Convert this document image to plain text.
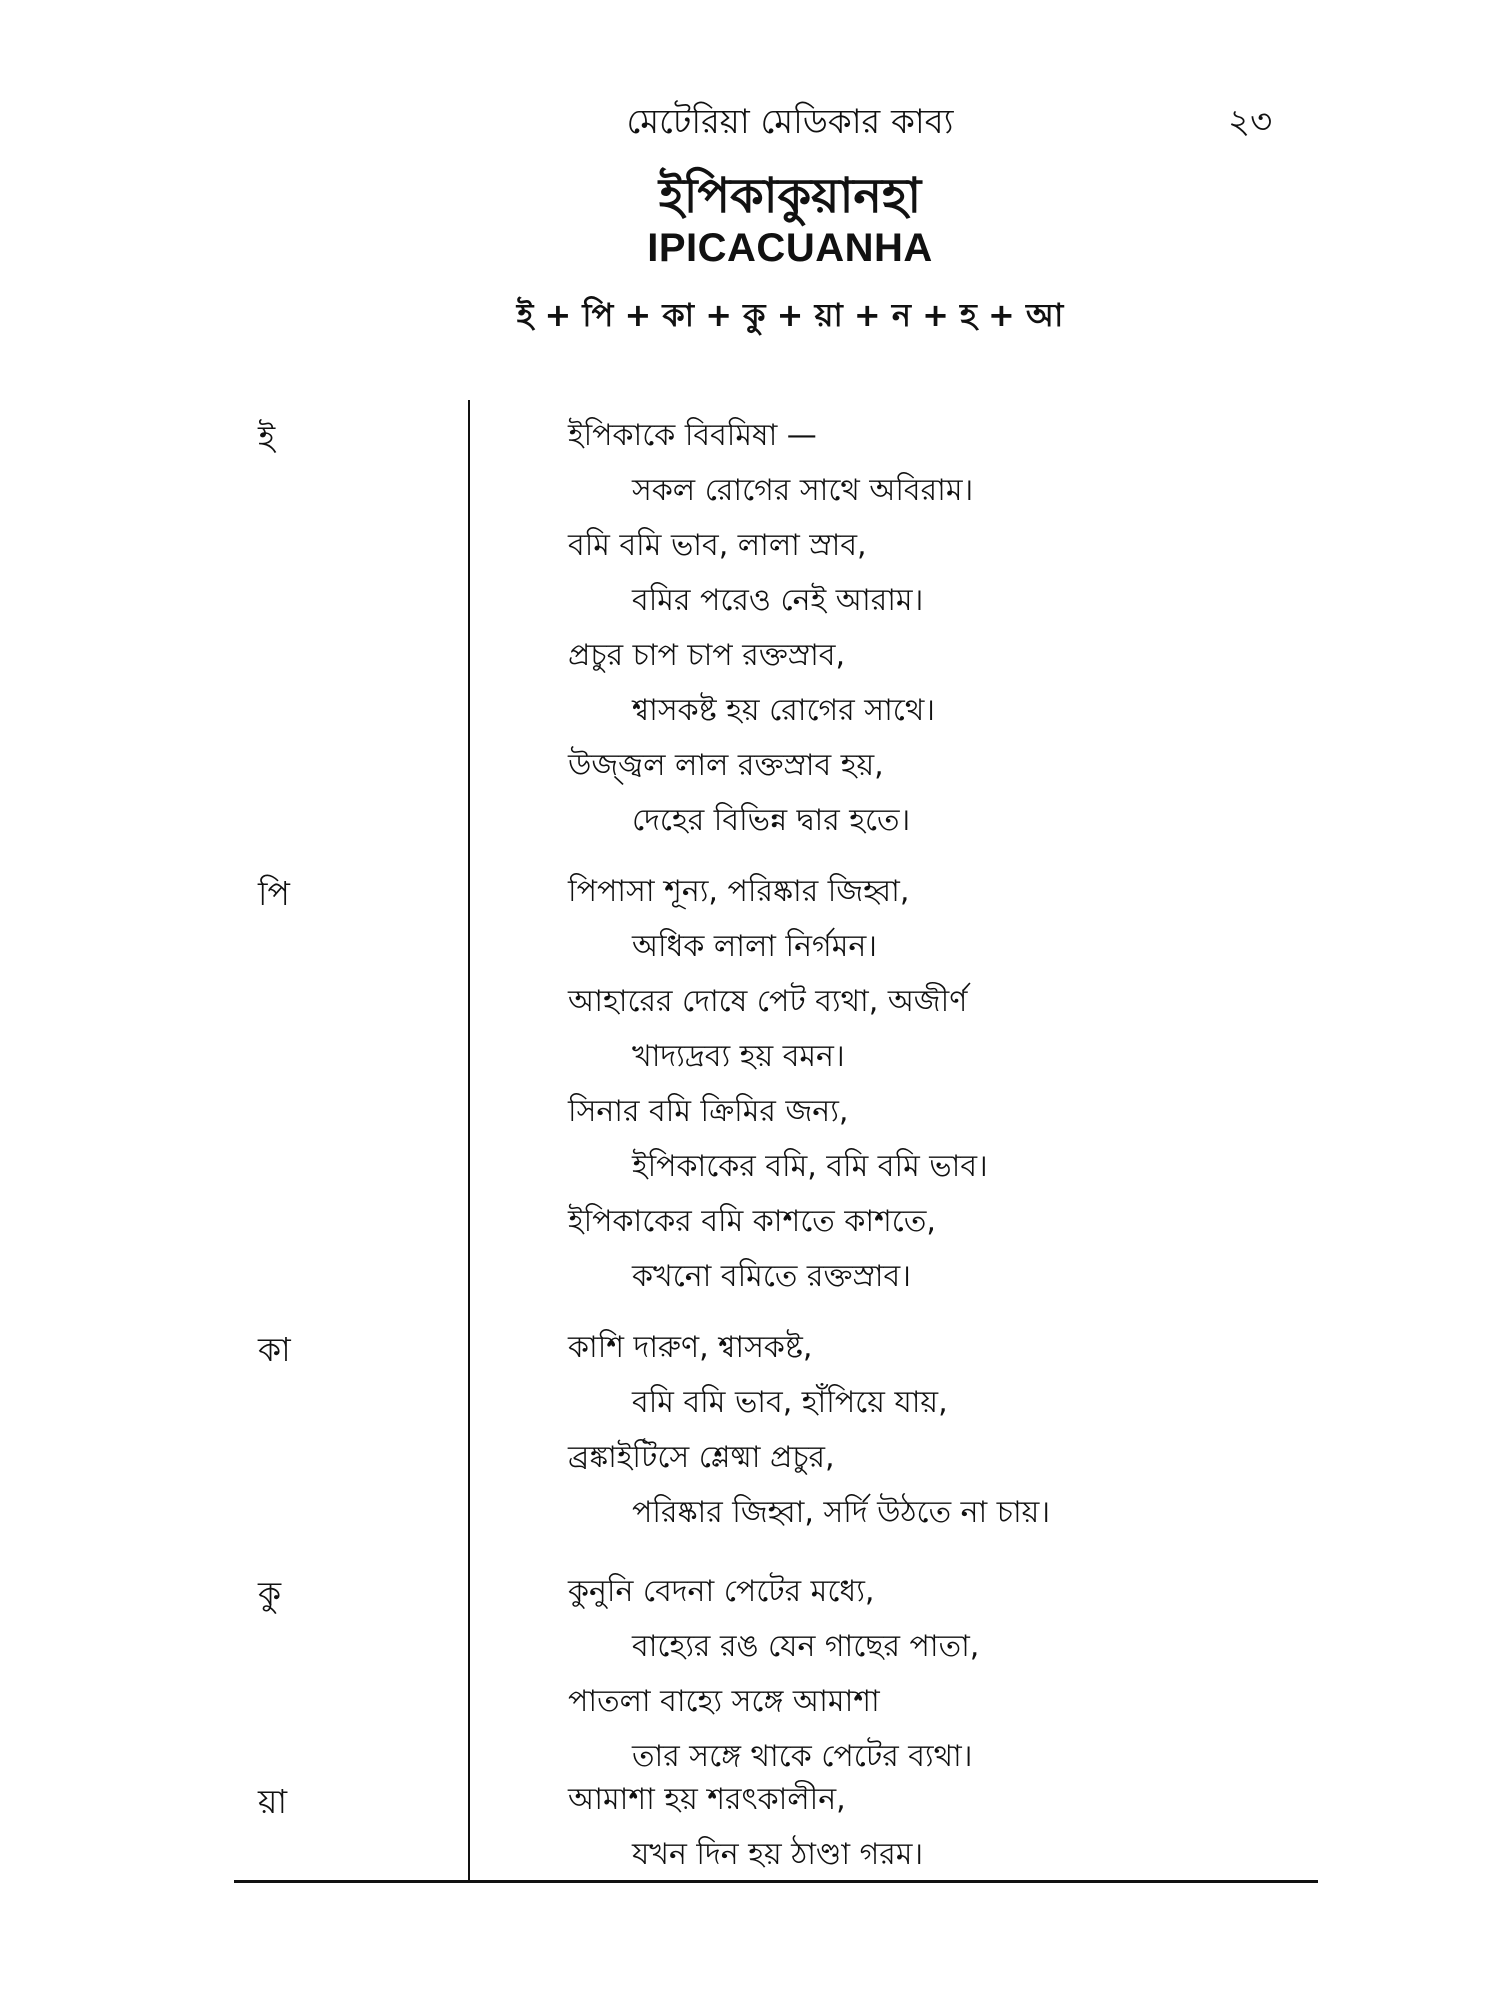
মেটেরিয়া মেডিকার কাব্য	২৩
ইপিকাকুয়ানহা
IPICACUANHA
ই + পি + কা + কু + য়া + ন + হ + আ
ই
পি
কা
কু
য়া
ইপিকাকে বিবমিষা —
সকল রোগের সাথে অবিরাম।
বমি বমি ভাব, লালা স্রাব,
বমির পরেও নেই আরাম।
প্রচুর চাপ চাপ রক্তস্রাব,
শ্বাসকষ্ট হয় রোগের সাথে।
উজ্জ্বল লাল রক্তস্রাব হয়,
দেহের বিভিন্ন দ্বার হতে।
পিপাসা শূন্য, পরিষ্কার জিহ্বা,
অধিক লালা নির্গমন।
আহারের দোষে পেট ব্যথা, অজীর্ণ
খাদ্যদ্রব্য হয় বমন।
সিনার বমি ক্রিমির জন্য,
ইপিকাকের বমি, বমি বমি ভাব।
ইপিকাকের বমি কাশতে কাশতে,
কখনো বমিতে রক্তস্রাব।
কাশি দারুণ, শ্বাসকষ্ট,
বমি বমি ভাব, হাঁপিয়ে যায়,
ব্রঙ্কাইটিসে শ্লেষ্মা প্রচুর,
পরিষ্কার জিহ্বা, সর্দি উঠতে না চায়।
কুনুনি বেদনা পেটের মধ্যে,
বাহ্যের রঙ যেন গাছের পাতা,
পাতলা বাহ্যে সঙ্গে আমাশা
তার সঙ্গে থাকে পেটের ব্যথা।
আমাশা হয় শরৎকালীন,
যখন দিন হয় ঠাণ্ডা গরম।
